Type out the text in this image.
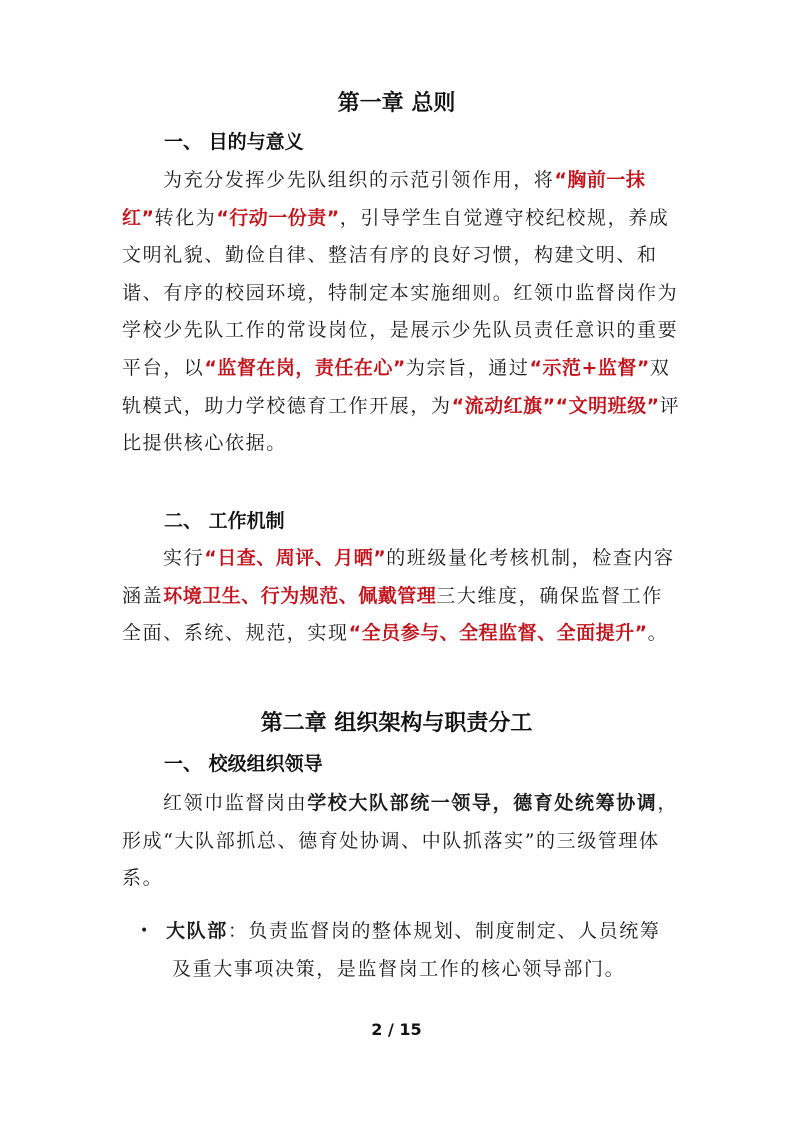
第一章 总则
一、 目的与意义

为充分发挥少先队组织的示范引领作用，将“胸前一抹红”转化为“行动一份责”，引导学生自觉遵守校纪校规，养成文明礼貌、勤俭自律、整洁有序的良好习惯，构建文明、和谐、有序的校园环境，特制定本实施细则。红领巾监督岗作为学校少先队工作的常设岗位，是展示少先队员责任意识的重要平台，以“监督在岗，责任在心”为宗旨，通过“示范+监督”双轨模式，助力学校德育工作开展，为“流动红旗”“文明班级”评比提供核心依据。

二、 工作机制

实行“日查、周评、月晒”的班级量化考核机制，检查内容涵盖环境卫生、行为规范、佩戴管理三大维度，确保监督工作全面、系统、规范，实现“全员参与、全程监督、全面提升”。

第二章 组织架构与职责分工
一、 校级组织领导

红领巾监督岗由学校大队部统一领导，德育处统筹协调，形成“大队部抓总、德育处协调、中队抓落实”的三级管理体系。

• 大队部：负责监督岗的整体规划、制度制定、人员统筹
及重大事项决策，是监督岗工作的核心领导部门。
2 / 15
